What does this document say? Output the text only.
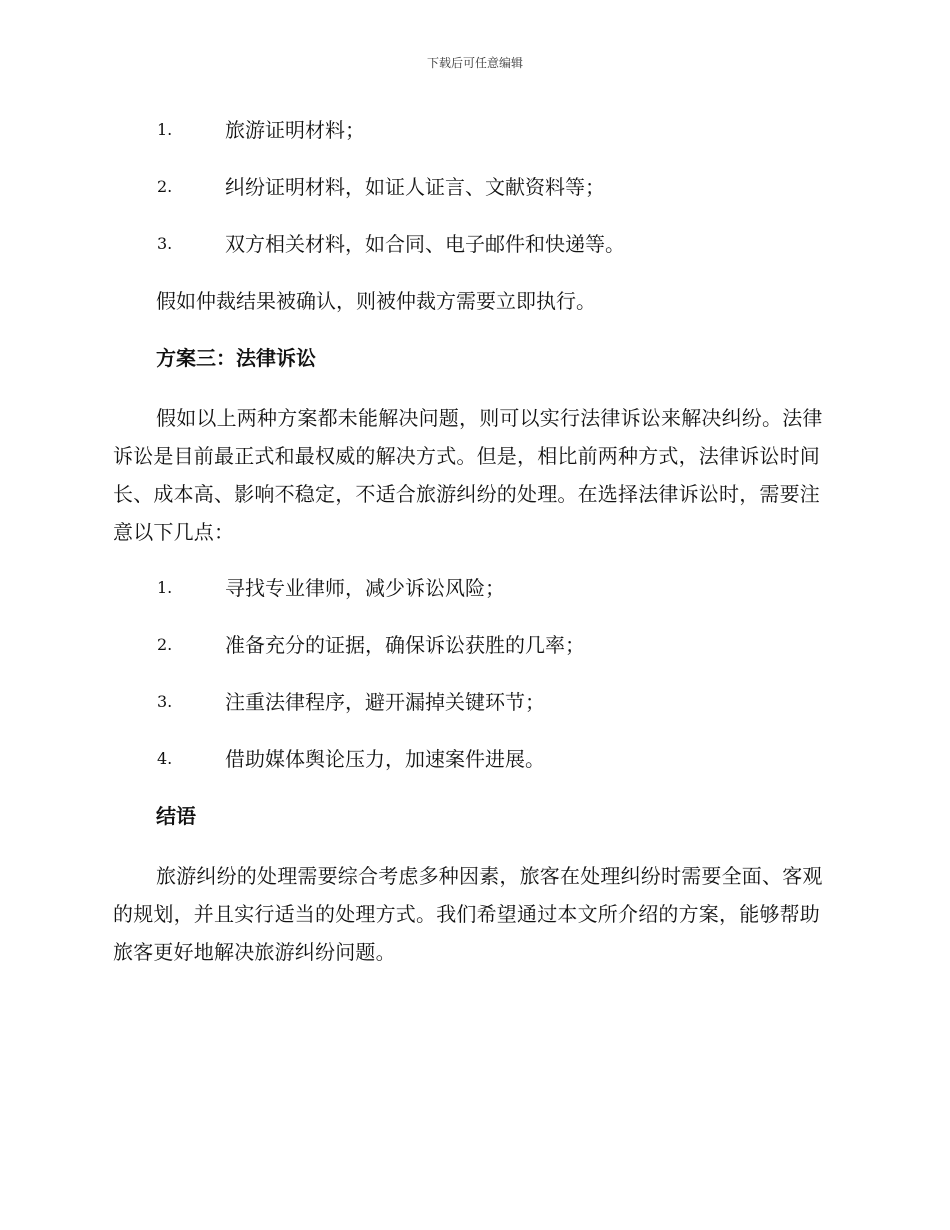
下载后可任意编辑
1.	旅游证明材料；
2.	纠纷证明材料，如证人证言、文献资料等；
3.	双方相关材料，如合同、电子邮件和快递等。

假如仲裁结果被确认，则被仲裁方需要立即执行。

方案三：法律诉讼

假如以上两种方案都未能解决问题，则可以实行法律诉讼来解决纠纷。法律诉讼是目前最正式和最权威的解决方式。但是，相比前两种方式，法律诉讼时间长、成本高、影响不稳定，不适合旅游纠纷的处理。在选择法律诉讼时，需要注意以下几点：

1.	寻找专业律师，减少诉讼风险；
2.	准备充分的证据，确保诉讼获胜的几率；
3.	注重法律程序，避开漏掉关键环节；
4.	借助媒体舆论压力，加速案件进展。

结语

旅游纠纷的处理需要综合考虑多种因素，旅客在处理纠纷时需要全面、客观的规划，并且实行适当的处理方式。我们希望通过本文所介绍的方案，能够帮助旅客更好地解决旅游纠纷问题。
